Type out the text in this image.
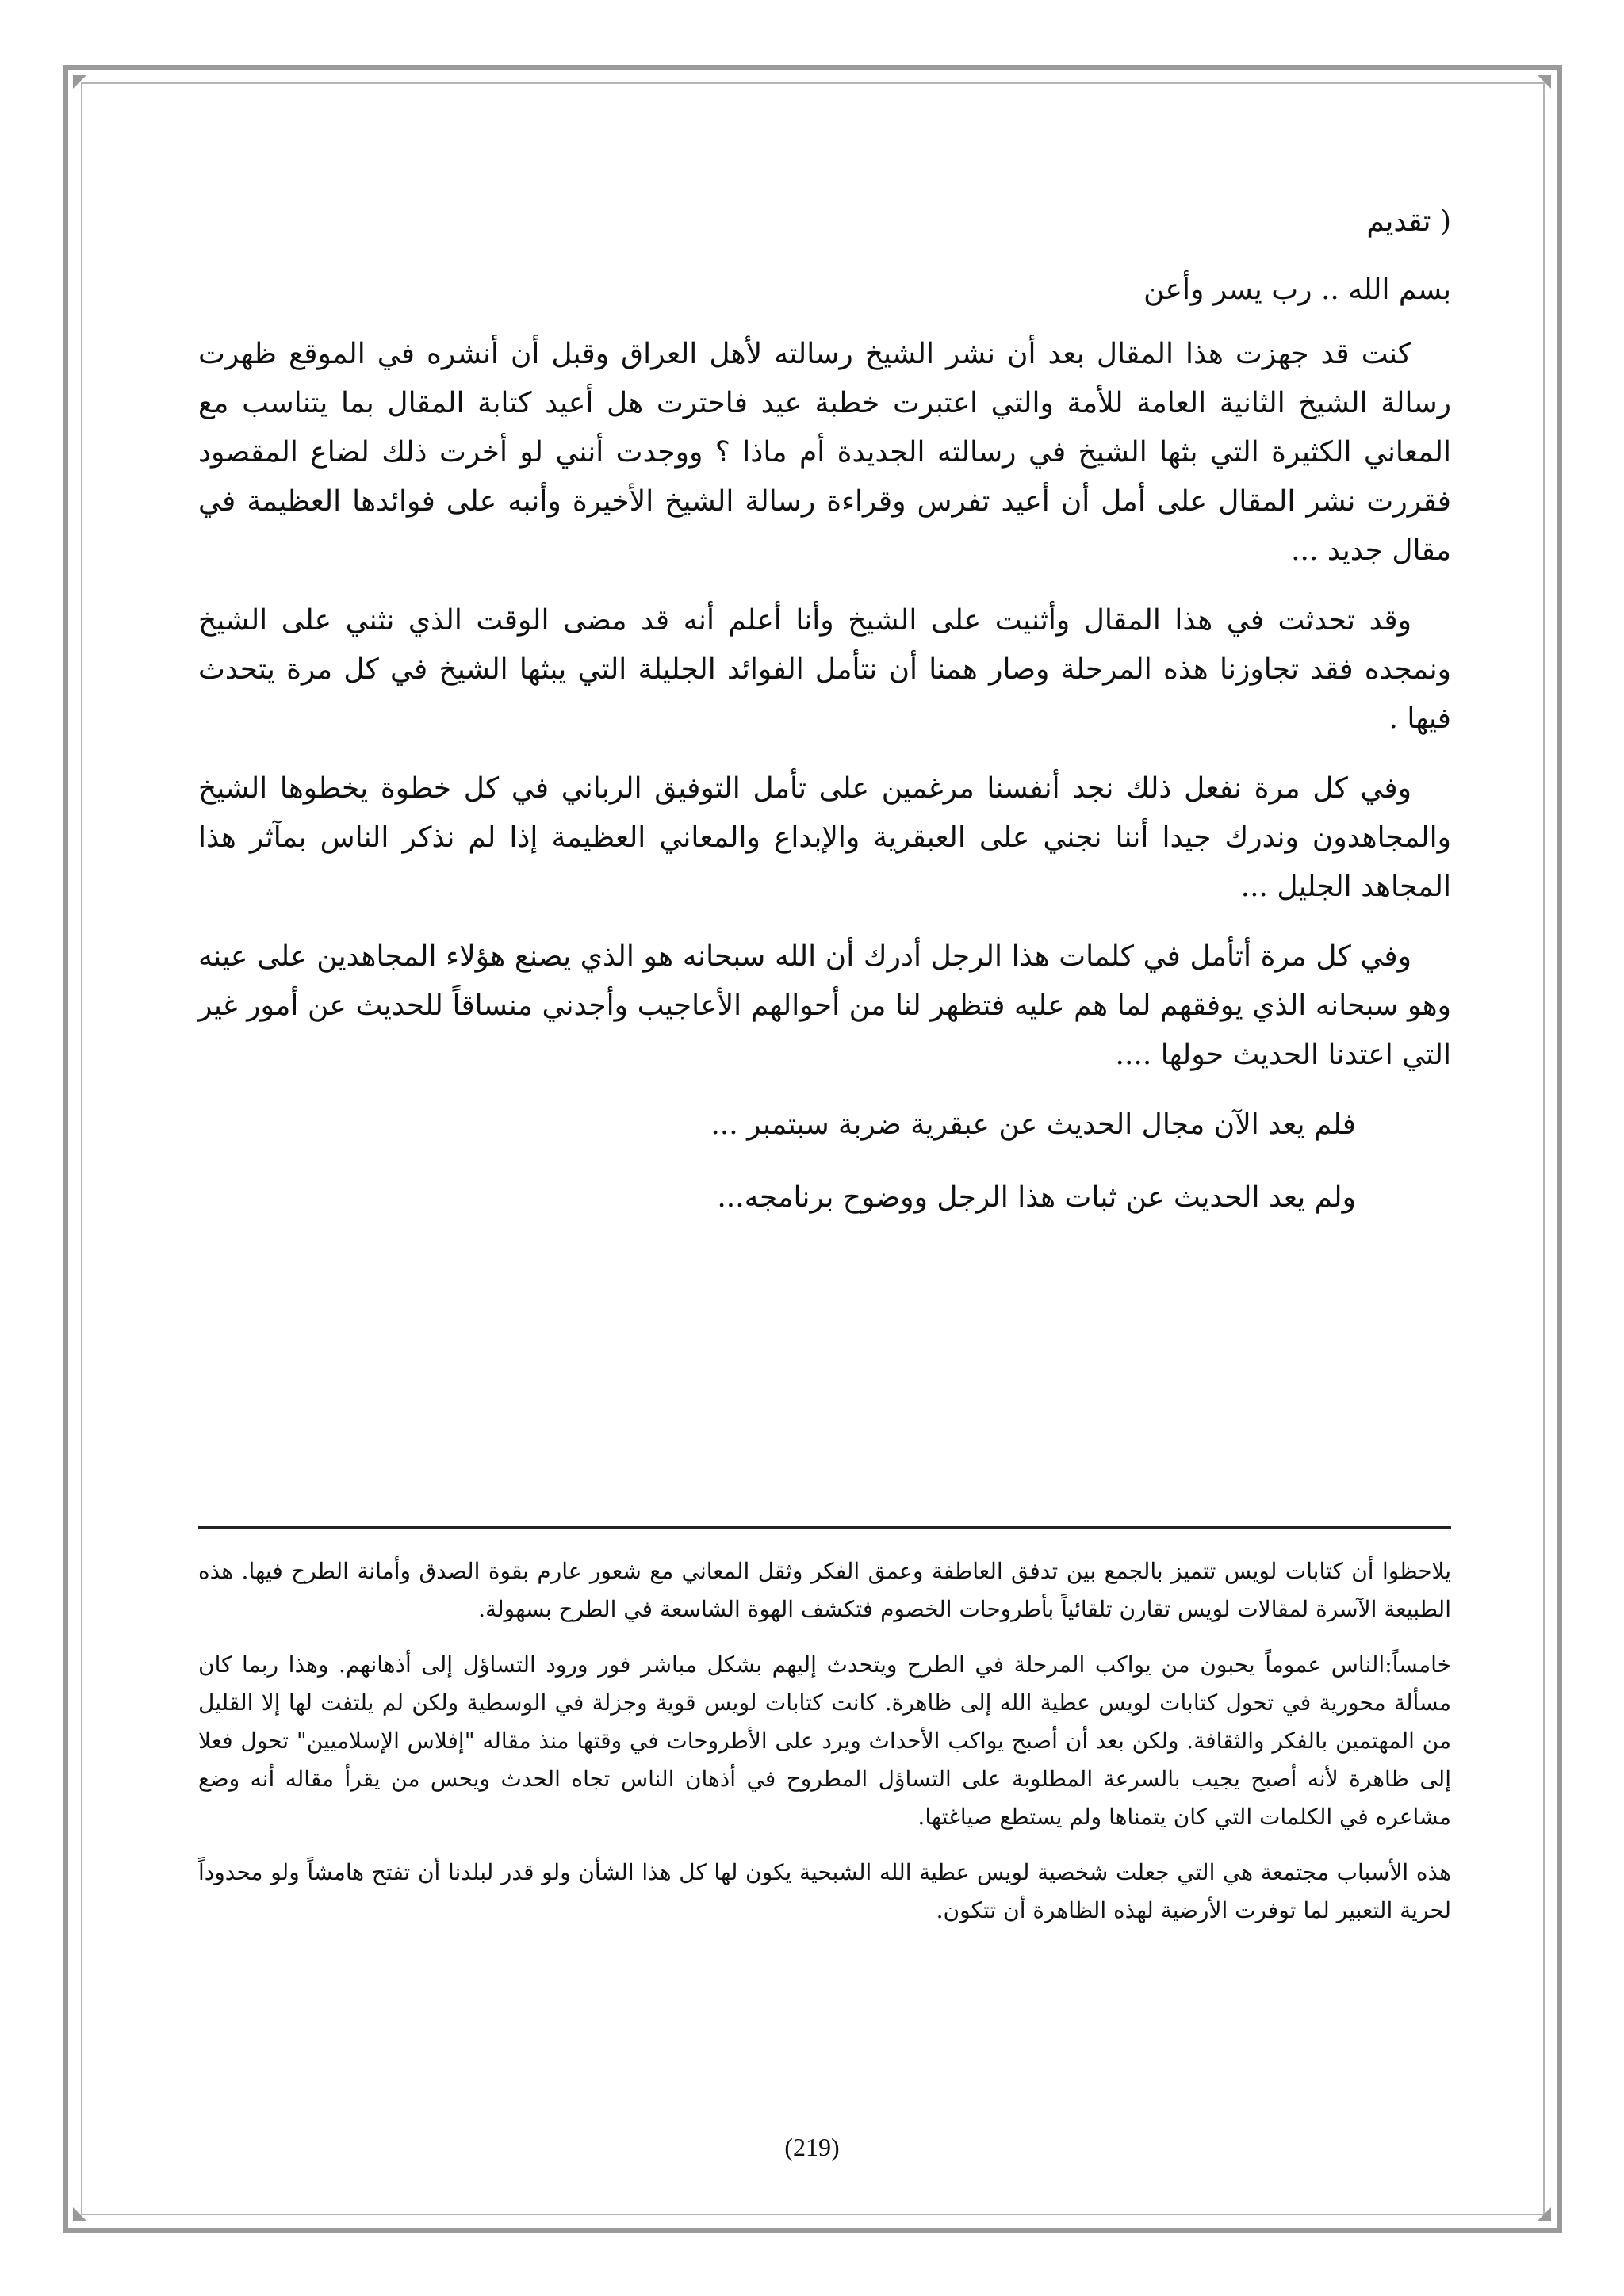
( تقديم

بسم الله .. رب يسر وأعن

كنت قد جهزت هذا المقال بعد أن نشر الشيخ رسالته لأهل العراق وقبل أن أنشره في الموقع ظهرت رسالة الشيخ الثانية العامة للأمة والتي اعتبرت خطبة عيد فاحترت هل أعيد كتابة المقال بما يتناسب مع المعاني الكثيرة التي بثها الشيخ في رسالته الجديدة أم ماذا ؟ ووجدت أنني لو أخرت ذلك لضاع المقصود فقررت نشر المقال على أمل أن أعيد تفرس وقراءة رسالة الشيخ الأخيرة وأنبه على فوائدها العظيمة في مقال جديد ...

وقد تحدثت في هذا المقال وأثنيت على الشيخ وأنا أعلم أنه قد مضى الوقت الذي نثني على الشيخ ونمجده فقد تجاوزنا هذه المرحلة وصار همنا أن نتأمل الفوائد الجليلة التي يبثها الشيخ في كل مرة يتحدث فيها .

وفي كل مرة نفعل ذلك نجد أنفسنا مرغمين على تأمل التوفيق الرباني في كل خطوة يخطوها الشيخ والمجاهدون وندرك جيدا أننا نجني على العبقرية والإبداع والمعاني العظيمة إذا لم نذكر الناس بمآثر هذا المجاهد الجليل ...

وفي كل مرة أتأمل في كلمات هذا الرجل أدرك أن الله سبحانه هو الذي يصنع هؤلاء المجاهدين على عينه وهو سبحانه الذي يوفقهم لما هم عليه فتظهر لنا من أحوالهم الأعاجيب وأجدني منساقاً للحديث عن أمور غير التي اعتدنا الحديث حولها ....

فلم يعد الآن مجال الحديث عن عبقرية ضربة سبتمبر ...

ولم يعد الحديث عن ثبات هذا الرجل ووضوح برنامجه...

يلاحظوا أن كتابات لويس تتميز بالجمع بين تدفق العاطفة وعمق الفكر وثقل المعاني مع شعور عارم بقوة الصدق وأمانة الطرح فيها. هذه الطبيعة الآسرة لمقالات لويس تقارن تلقائياً بأطروحات الخصوم فتكشف الهوة الشاسعة في الطرح بسهولة.

خامساً:الناس عموماً يحبون من يواكب المرحلة في الطرح ويتحدث إليهم بشكل مباشر فور ورود التساؤل إلى أذهانهم. وهذا ربما كان مسألة محورية في تحول كتابات لويس عطية الله إلى ظاهرة. كانت كتابات لويس قوية وجزلة في الوسطية ولكن لم يلتفت لها إلا القليل من المهتمين بالفكر والثقافة. ولكن بعد أن أصبح يواكب الأحداث ويرد على الأطروحات في وقتها منذ مقاله "إفلاس الإسلاميين" تحول فعلا إلى ظاهرة لأنه أصبح يجيب بالسرعة المطلوبة على التساؤل المطروح في أذهان الناس تجاه الحدث ويحس من يقرأ مقاله أنه وضع مشاعره في الكلمات التي كان يتمناها ولم يستطع صياغتها.

هذه الأسباب مجتمعة هي التي جعلت شخصية لويس عطية الله الشبحية يكون لها كل هذا الشأن ولو قدر لبلدنا أن تفتح هامشاً ولو محدوداً لحرية التعبير لما توفرت الأرضية لهذه الظاهرة أن تتكون.

(219)
